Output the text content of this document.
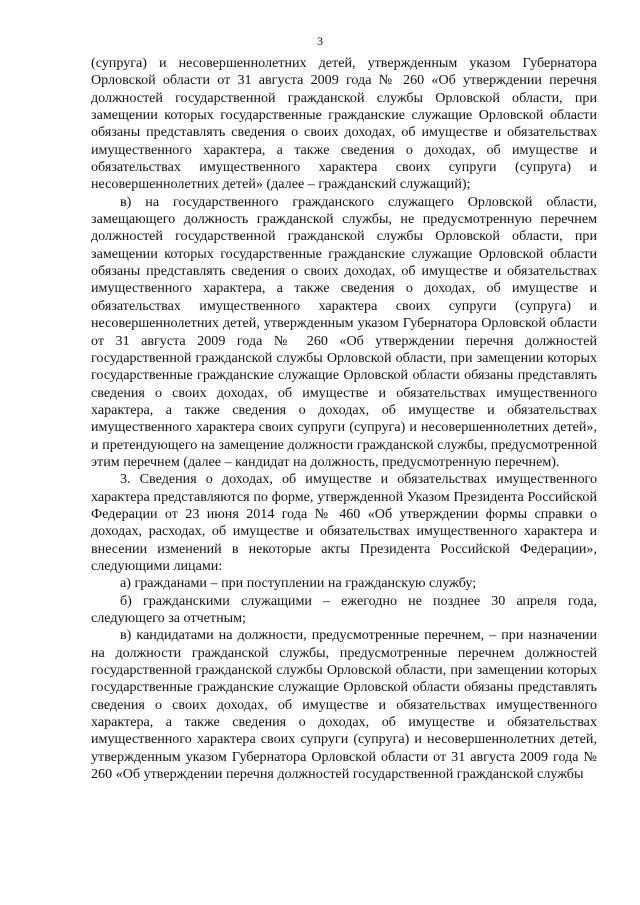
3

(супруга) и несовершеннолетних детей, утвержденным указом Губернатора Орловской области от 31 августа 2009 года № 260 «Об утверждении перечня должностей государственной гражданской службы Орловской области, при замещении которых государственные гражданские служащие Орловской области обязаны представлять сведения о своих доходах, об имуществе и обязательствах имущественного характера, а также сведения о доходах, об имуществе и обязательствах имущественного характера своих супруги (супруга) и несовершеннолетних детей» (далее – гражданский служащий);

в) на государственного гражданского служащего Орловской области, замещающего должность гражданской службы, не предусмотренную перечнем должностей государственной гражданской службы Орловской области, при замещении которых государственные гражданские служащие Орловской области обязаны представлять сведения о своих доходах, об имуществе и обязательствах имущественного характера, а также сведения о доходах, об имуществе и обязательствах имущественного характера своих супруги (супруга) и несовершеннолетних детей, утвержденным указом Губернатора Орловской области от 31 августа 2009 года № 260 «Об утверждении перечня должностей государственной гражданской службы Орловской области, при замещении которых государственные гражданские служащие Орловской области обязаны представлять сведения о своих доходах, об имуществе и обязательствах имущественного характера, а также сведения о доходах, об имуществе и обязательствах имущественного характера своих супруги (супруга) и несовершеннолетних детей», и претендующего на замещение должности гражданской службы, предусмотренной этим перечнем (далее – кандидат на должность, предусмотренную перечнем).

3. Сведения о доходах, об имуществе и обязательствах имущественного характера представляются по форме, утвержденной Указом Президента Российской Федерации от 23 июня 2014 года № 460 «Об утверждении формы справки о доходах, расходах, об имуществе и обязательствах имущественного характера и внесении изменений в некоторые акты Президента Российской Федерации», следующими лицами:

а) гражданами – при поступлении на гражданскую службу;

б) гражданскими служащими – ежегодно не позднее 30 апреля года, следующего за отчетным;

в) кандидатами на должности, предусмотренные перечнем, – при назначении на должности гражданской службы, предусмотренные перечнем должностей государственной гражданской службы Орловской области, при замещении которых государственные гражданские служащие Орловской области обязаны представлять сведения о своих доходах, об имуществе и обязательствах имущественного характера, а также сведения о доходах, об имуществе и обязательствах имущественного характера своих супруги (супруга) и несовершеннолетних детей, утвержденным указом Губернатора Орловской области от 31 августа 2009 года № 260 «Об утверждении перечня должностей государственной гражданской службы
